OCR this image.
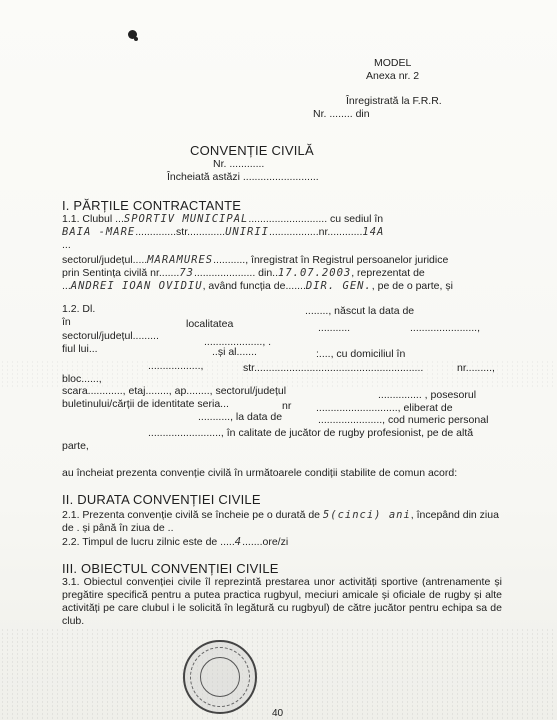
MODEL
Anexa nr. 2
Înregistrată la F.R.R.
Nr. ........ din
CONVENȚIE CIVILĂ
Nr. ............
Încheiată astăzi ..........................
I. PĂRȚILE CONTRACTANTE
1.1. Clubul ...SPORTIV MUNICIPAL........................... cu sediul în
BAIA -MARE..............str.............UNIRII.................nr............14A
...
sectorul/județul.....MARAMURES..........., înregistrat în Registrul persoanelor juridice
prin Sentința civilă nr.......73..................... din..17.07.2003, reprezentat de
...ANDREI IOAN OVIDIU, având funcția de.......DIR. GEN., pe de o parte, și
1.2. Dl.	........, născut la data de
în	localitatea	...........	.......................,
sectorul/județul.........	...................., .
fiul lui...	..și al.......	:...., cu domiciliul în
..................,	str..........................................................	nr.........,
bloc......,
............... , posesorul
scara............, etaj........, ap........, sectorul/județul
buletinului/cărții de identitate seria...	nr ............................, eliberat de
..........., la data de	......................, cod numeric personal
........................., în calitate de jucător de rugby profesionist, pe de altă
parte,
au încheiat prezenta convenție civilă în următoarele condiții stabilite de comun acord:
II. DURATA CONVENȚIEI CIVILE
2.1. Prezenta convenție civilă se încheie pe o durată de 5(cinci) ani, începând din ziua
de . și până în ziua de ..
2.2. Timpul de lucru zilnic este de .....4.......ore/zi
III. OBIECTUL CONVENȚIEI CIVILE
3.1. Obiectul convenției civile îl reprezintă prestarea unor activități sportive (antrenamente și pregătire specifică pentru a putea practica rugbyul, meciuri amicale și oficiale de rugby și alte activități pe care clubul i le solicită în legătură cu rugbyul) de către jucător pentru echipa sa de club.
40
